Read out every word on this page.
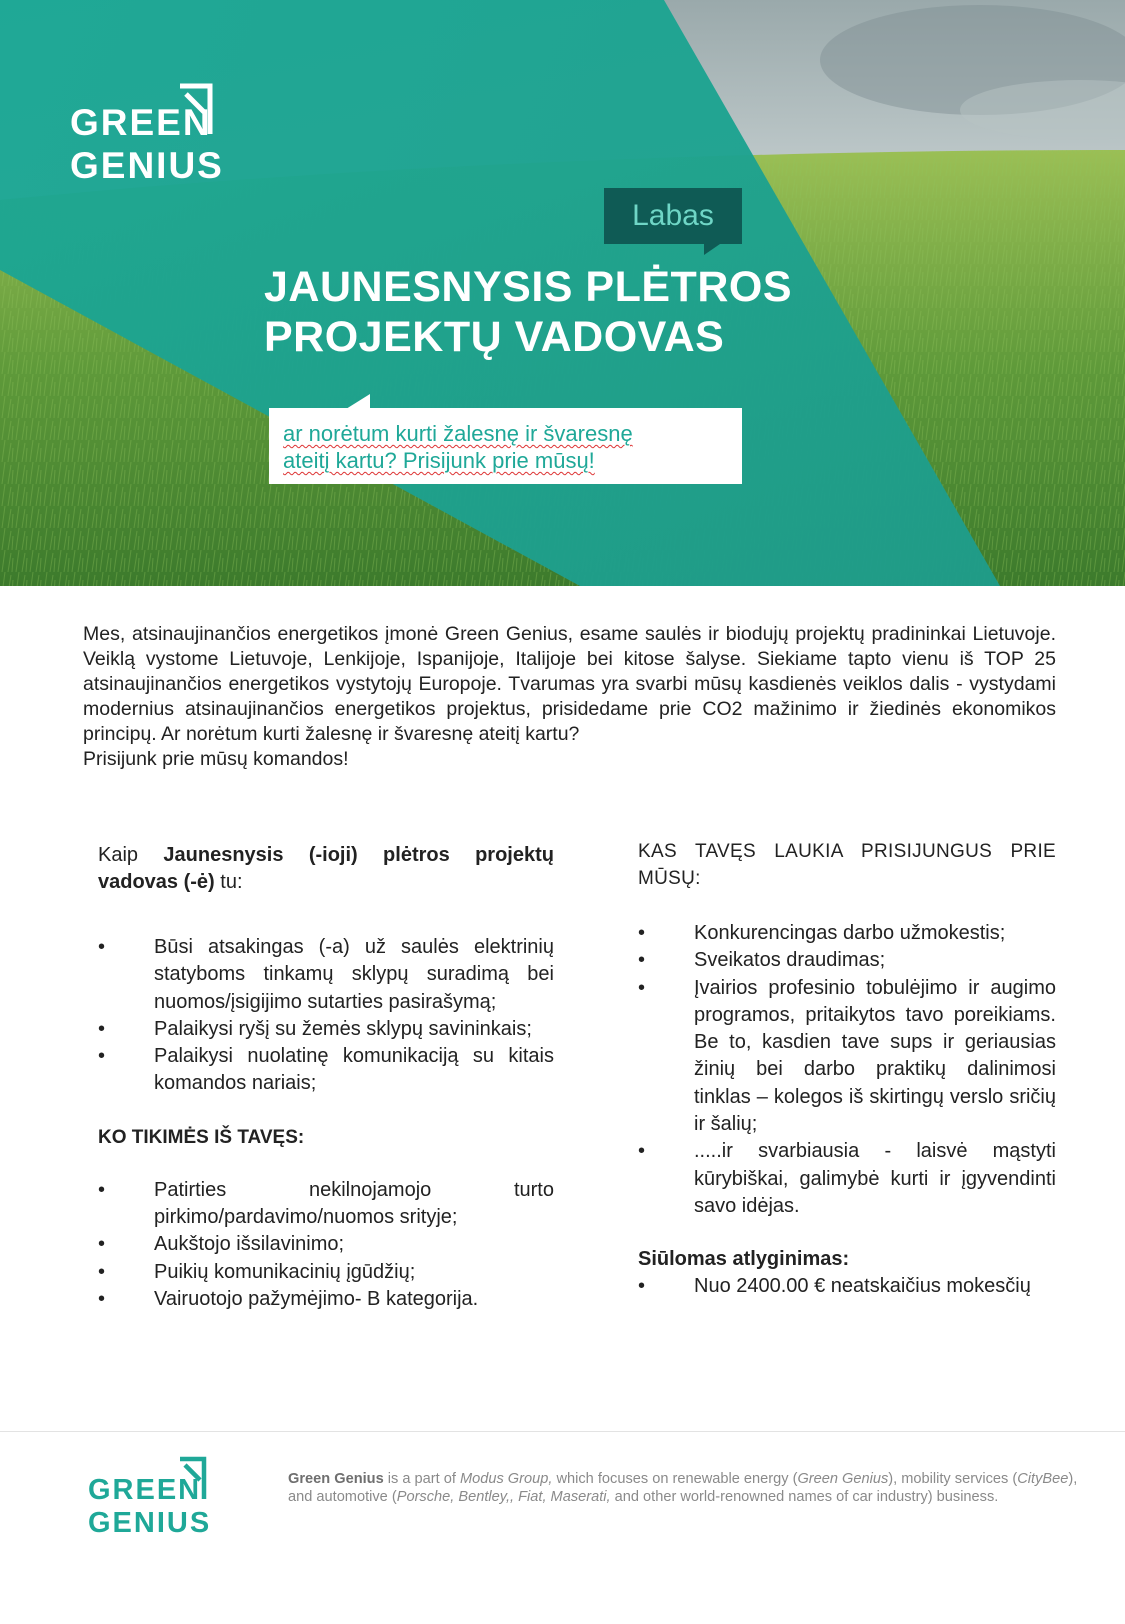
GREEN
GENIUS
Labas
JAUNESNYSIS PLĖTROS
PROJEKTŲ VADOVAS
ar norėtum kurti žalesnę ir švaresnę
ateitį kartu? Prisijunk prie mūsų!

Mes, atsinaujinančios energetikos įmonė Green Genius, esame saulės ir biodujų projektų pradininkai Lietuvoje. Veiklą vystome Lietuvoje, Lenkijoje, Ispanijoje, Italijoje bei kitose šalyse. Siekiame tapto vienu iš TOP 25 atsinaujinančios energetikos vystytojų Europoje. Tvarumas yra svarbi mūsų kasdienės veiklos dalis - vystydami modernius atsinaujinančios energetikos projektus, prisidedame prie CO2 mažinimo ir žiedinės ekonomikos principų. Ar norėtum kurti žalesnę ir švaresnę ateitį kartu?

Prisijunk prie mūsų komandos!

Kaip Jaunesnysis (-ioji) plėtros projektų vadovas (-ė) tu:

• Būsi atsakingas (-a) už saulės elektrinių statyboms tinkamų sklypų suradimą bei nuomos/įsigijimo sutarties pasirašymą;
• Palaikysi ryšį su žemės sklypų savininkais;
• Palaikysi nuolatinę komunikaciją su kitais komandos nariais;

KO TIKIMĖS IŠ TAVĘS:

• Patirties nekilnojamojo turto pirkimo/pardavimo/nuomos srityje;
• Aukštojo išsilavinimo;
• Puikių komunikacinių įgūdžių;
• Vairuotojo pažymėjimo- B kategorija.

KAS TAVĘS LAUKIA PRISIJUNGUS PRIE MŪSŲ:

• Konkurencingas darbo užmokestis;
• Sveikatos draudimas;
• Įvairios profesinio tobulėjimo ir augimo programos, pritaikytos tavo poreikiams. Be to, kasdien tave sups ir geriausias žinių bei darbo praktikų dalinimosi tinklas – kolegos iš skirtingų verslo sričių ir šalių;
• .....ir svarbiausia - laisvė mąstyti kūrybiškai, galimybė kurti ir įgyvendinti savo idėjas.

Siūlomas atlyginimas:

• Nuo 2400.00 € neatskaičius mokesčių
GREEN
GENIUS
Green Genius is a part of Modus Group, which focuses on renewable energy (Green Genius), mobility services (CityBee), and automotive (Porsche, Bentley,, Fiat, Maserati, and other world-renowned names of car industry) business.
